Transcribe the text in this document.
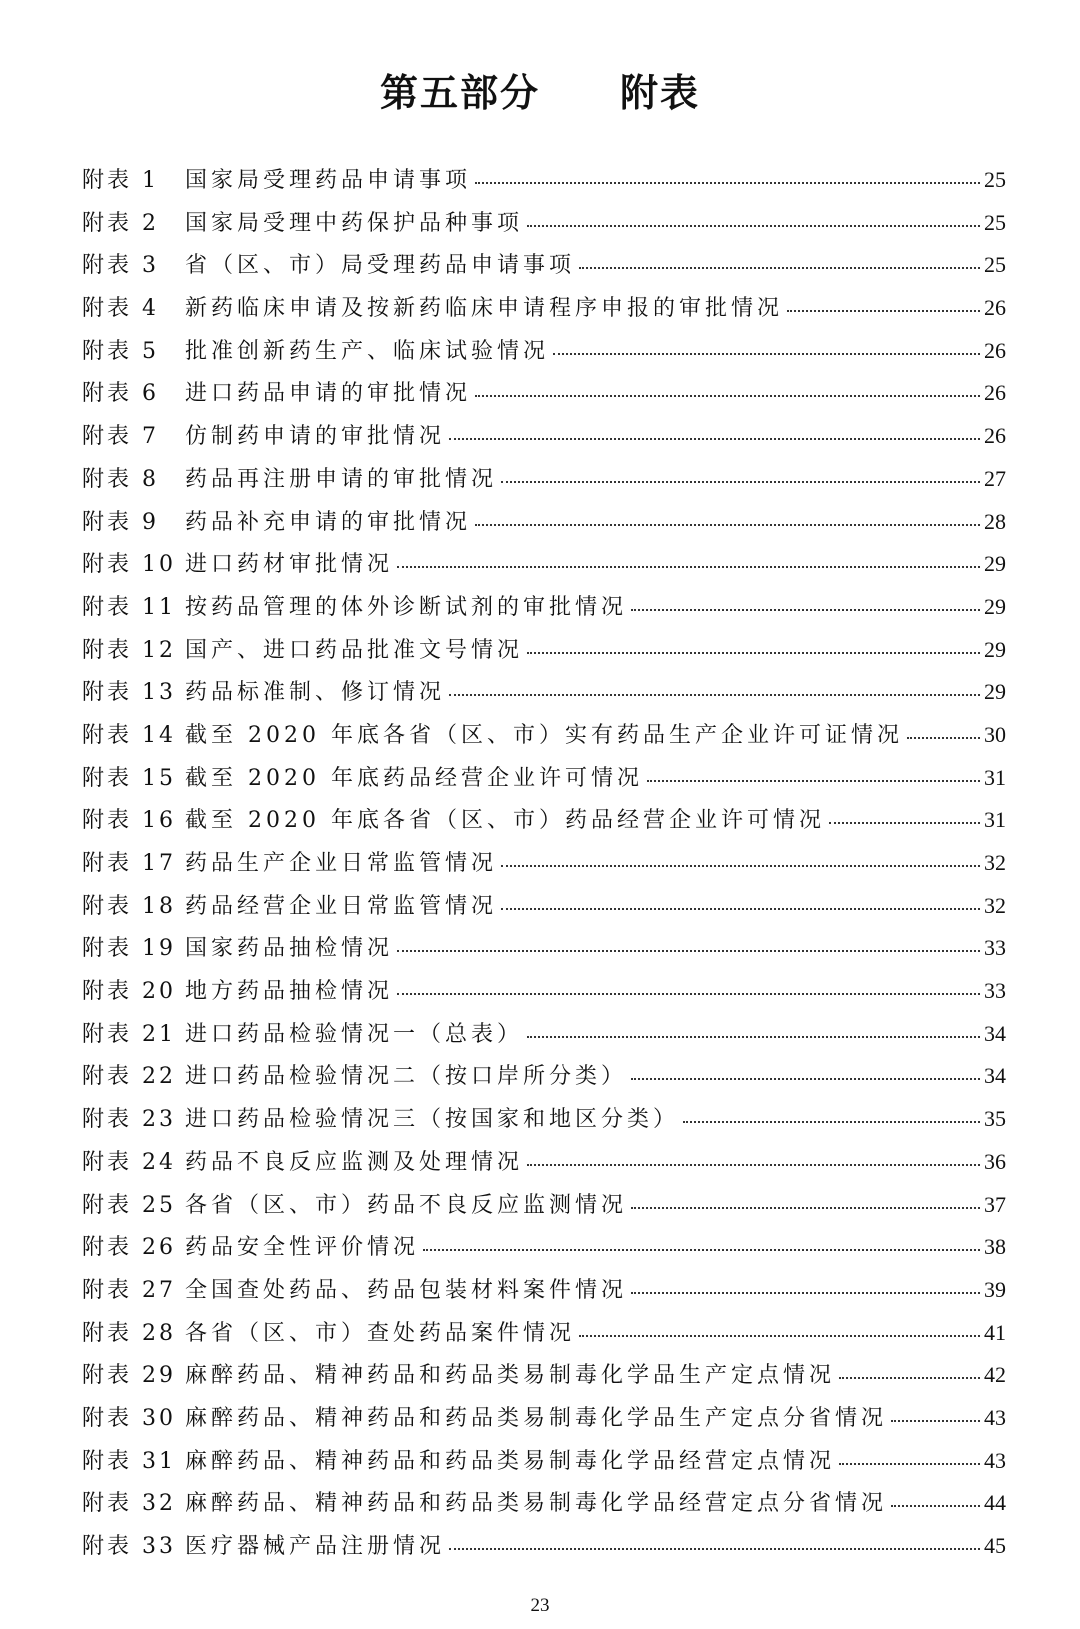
第五部分　　附表
附表 1	国家局受理药品申请事项	25
附表 2	国家局受理中药保护品种事项	25
附表 3	省（区、市）局受理药品申请事项	25
附表 4	新药临床申请及按新药临床申请程序申报的审批情况	26
附表 5	批准创新药生产、临床试验情况	26
附表 6	进口药品申请的审批情况	26
附表 7	仿制药申请的审批情况	26
附表 8	药品再注册申请的审批情况	27
附表 9	药品补充申请的审批情况	28
附表 10 进口药材审批情况	29
附表 11 按药品管理的体外诊断试剂的审批情况	29
附表 12 国产、进口药品批准文号情况	29
附表 13 药品标准制、修订情况	29
附表 14 截至 2020 年底各省（区、市）实有药品生产企业许可证情况	30
附表 15 截至 2020 年底药品经营企业许可情况	31
附表 16 截至 2020 年底各省（区、市）药品经营企业许可情况	31
附表 17 药品生产企业日常监管情况	32
附表 18 药品经营企业日常监管情况	32
附表 19 国家药品抽检情况	33
附表 20 地方药品抽检情况	33
附表 21 进口药品检验情况一（总表）	34
附表 22 进口药品检验情况二（按口岸所分类）	34
附表 23 进口药品检验情况三（按国家和地区分类）	35
附表 24 药品不良反应监测及处理情况	36
附表 25 各省（区、市）药品不良反应监测情况	37
附表 26 药品安全性评价情况	38
附表 27 全国查处药品、药品包装材料案件情况	39
附表 28 各省（区、市）查处药品案件情况	41
附表 29 麻醉药品、精神药品和药品类易制毒化学品生产定点情况	42
附表 30 麻醉药品、精神药品和药品类易制毒化学品生产定点分省情况	43
附表 31 麻醉药品、精神药品和药品类易制毒化学品经营定点情况	43
附表 32 麻醉药品、精神药品和药品类易制毒化学品经营定点分省情况	44
附表 33 医疗器械产品注册情况	45
23
